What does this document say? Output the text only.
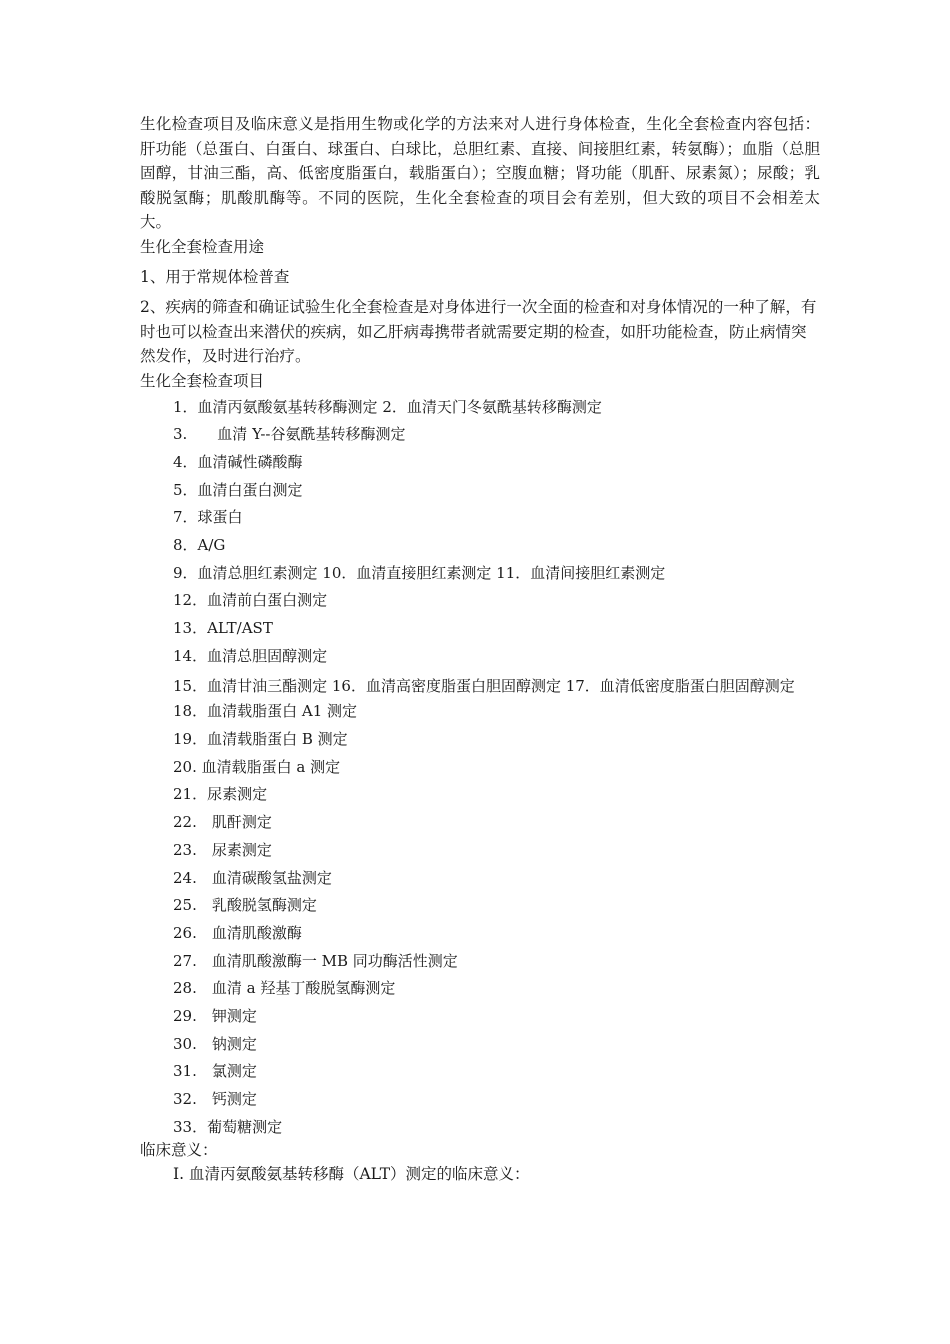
生化检查项目及临床意义是指用生物或化学的方法来对人进行身体检查，生化全套检查内容包括：肝功能（总蛋白、白蛋白、球蛋白、白球比，总胆红素、直接、间接胆红素，转氨酶）；血脂（总胆固醇，甘油三酯，高、低密度脂蛋白，载脂蛋白）；空腹血糖；肾功能（肌酐、尿素氮）；尿酸；乳酸脱氢酶；肌酸肌酶等。不同的医院，生化全套检查的项目会有差别，但大致的项目不会相差太大。

生化全套检查用途

1、用于常规体检普查

2、疾病的筛查和确证试验生化全套检查是对身体进行一次全面的检查和对身体情况的一种了解，有时也可以检查出来潜伏的疾病，如乙肝病毒携带者就需要定期的检查，如肝功能检查，防止病情突然发作，及时进行治疗。

生化全套检查项目

1．血清丙氨酸氨基转移酶测定 2．血清天门冬氨酰基转移酶测定
3.　　血清 Y--谷氨酰基转移酶测定
4．血清碱性磷酸酶
5．血清白蛋白测定
7．球蛋白
8．A/G
9．血清总胆红素测定 10．血清直接胆红素测定 11．血清间接胆红素测定
12．血清前白蛋白测定
13．ALT/AST
14．血清总胆固醇测定
15．血清甘油三酯测定 16．血清高密度脂蛋白胆固醇测定 17．血清低密度脂蛋白胆固醇测定
18．血清载脂蛋白 A1 测定
19．血清载脂蛋白 B 测定
20. 血清载脂蛋白 a 测定
21．尿素测定
22.　肌酐测定
23.　尿素测定
24.　血清碳酸氢盐测定
25.　乳酸脱氢酶测定
26.　血清肌酸激酶
27.　血清肌酸激酶一 MB 同功酶活性测定
28.　血清 a 羟基丁酸脱氢酶测定
29.　钾测定
30.　钠测定
31.　氯测定
32.　钙测定
33．葡萄糖测定

临床意义：

I. 血清丙氨酸氨基转移酶（ALT）测定的临床意义：
